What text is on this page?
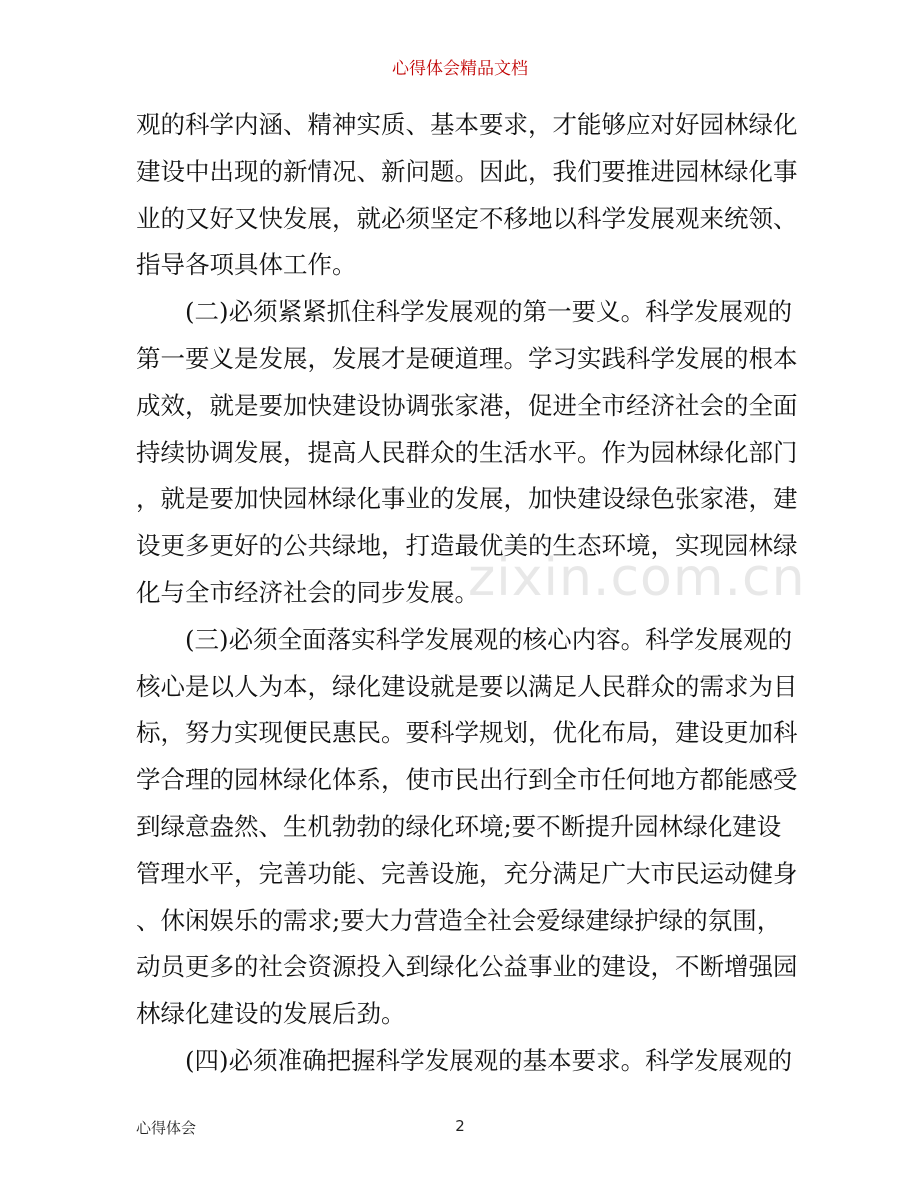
心得体会精品文档
观的科学内涵、精神实质、基本要求，才能够应对好园林绿化
建设中出现的新情况、新问题。因此，我们要推进园林绿化事
业的又好又快发展，就必须坚定不移地以科学发展观来统领、
指导各项具体工作。
(二)必须紧紧抓住科学发展观的第一要义。科学发展观的
第一要义是发展，发展才是硬道理。学习实践科学发展的根本
成效，就是要加快建设协调张家港，促进全市经济社会的全面
持续协调发展，提高人民群众的生活水平。作为园林绿化部门
，就是要加快园林绿化事业的发展，加快建设绿色张家港，建
设更多更好的公共绿地，打造最优美的生态环境，实现园林绿
化与全市经济社会的同步发展。
(三)必须全面落实科学发展观的核心内容。科学发展观的
核心是以人为本，绿化建设就是要以满足人民群众的需求为目
标，努力实现便民惠民。要科学规划，优化布局，建设更加科
学合理的园林绿化体系，使市民出行到全市任何地方都能感受
到绿意盎然、生机勃勃的绿化环境;要不断提升园林绿化建设
管理水平，完善功能、完善设施，充分满足广大市民运动健身
、休闲娱乐的需求;要大力营造全社会爱绿建绿护绿的氛围，
动员更多的社会资源投入到绿化公益事业的建设，不断增强园
林绿化建设的发展后劲。
(四)必须准确把握科学发展观的基本要求。科学发展观的
zixin.com.cn
心得体会	2
